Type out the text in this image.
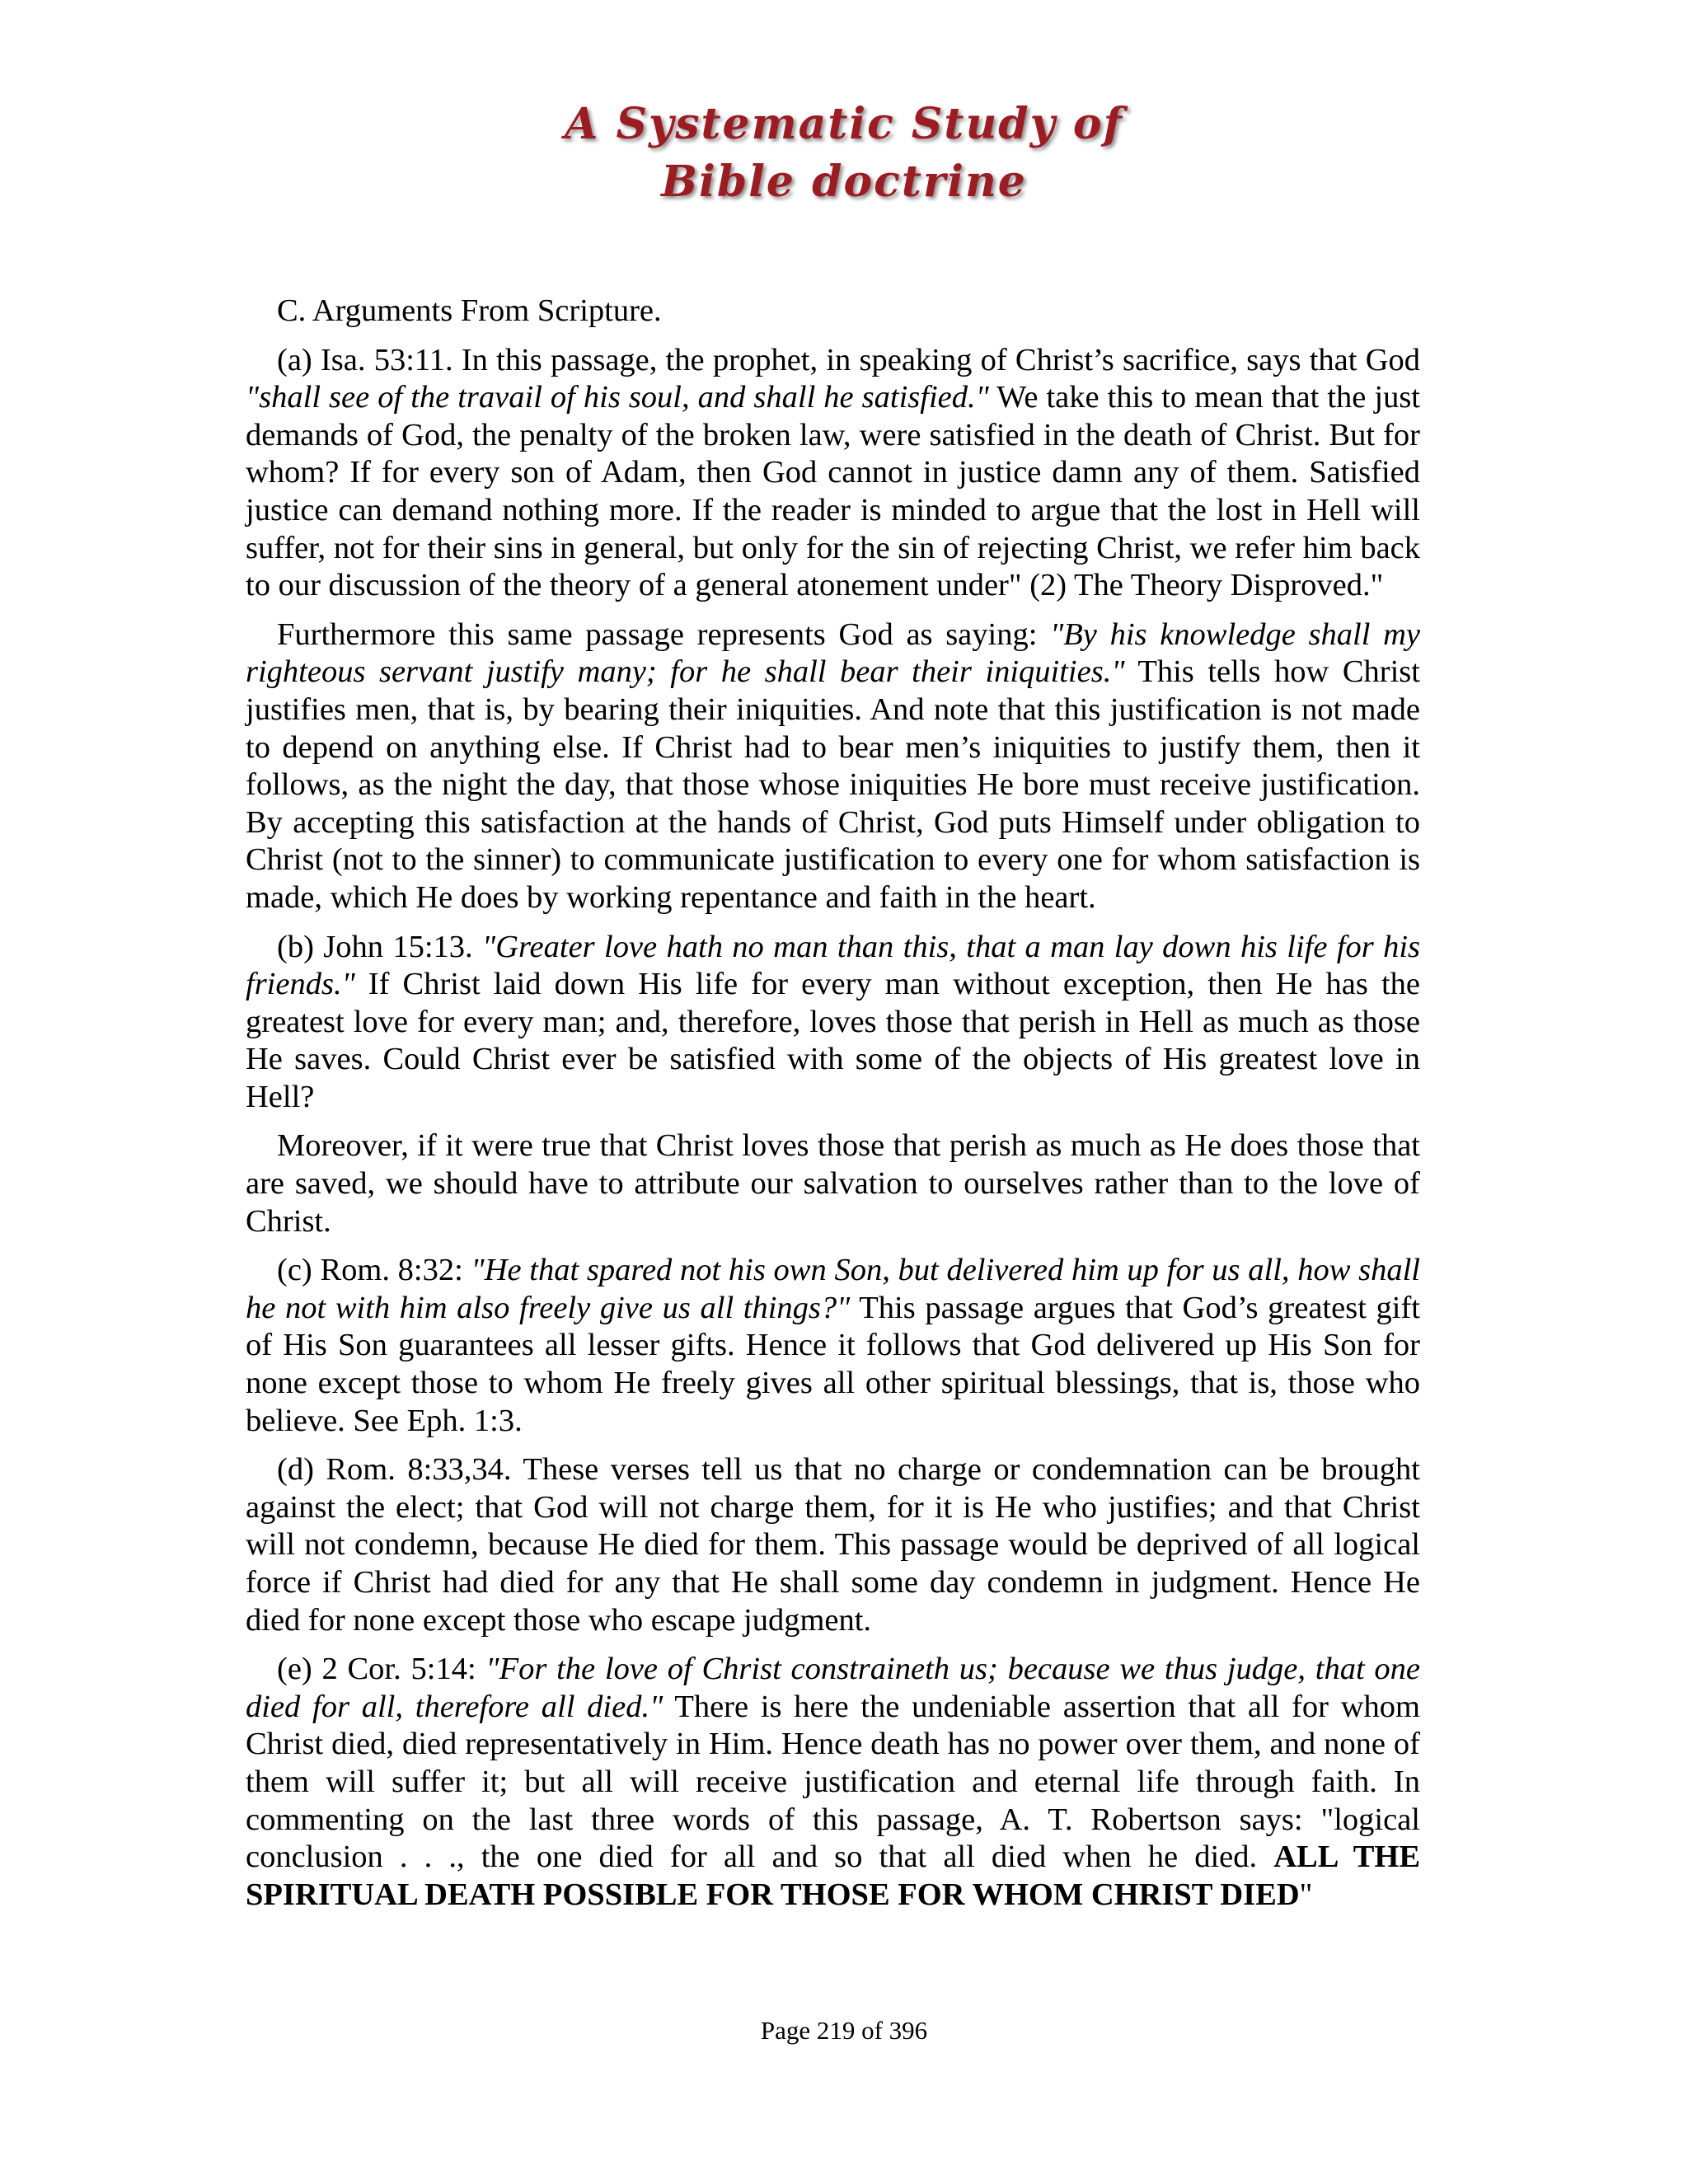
A Systematic Study of
Bible doctrine

C. Arguments From Scripture.

(a) Isa. 53:11. In this passage, the prophet, in speaking of Christ’s sacrifice, says that God "shall see of the travail of his soul, and shall he satisfied." We take this to mean that the just demands of God, the penalty of the broken law, were satisfied in the death of Christ. But for whom? If for every son of Adam, then God cannot in justice damn any of them. Satisfied justice can demand nothing more. If the reader is minded to argue that the lost in Hell will suffer, not for their sins in general, but only for the sin of rejecting Christ, we refer him back to our discussion of the theory of a general atonement under" (2) The Theory Disproved."

Furthermore this same passage represents God as saying: "By his knowledge shall my righteous servant justify many; for he shall bear their iniquities." This tells how Christ justifies men, that is, by bearing their iniquities. And note that this justification is not made to depend on anything else. If Christ had to bear men’s iniquities to justify them, then it follows, as the night the day, that those whose iniquities He bore must receive justification. By accepting this satisfaction at the hands of Christ, God puts Himself under obligation to Christ (not to the sinner) to communicate justification to every one for whom satisfaction is made, which He does by working repentance and faith in the heart.

(b) John 15:13. "Greater love hath no man than this, that a man lay down his life for his friends." If Christ laid down His life for every man without exception, then He has the greatest love for every man; and, therefore, loves those that perish in Hell as much as those He saves. Could Christ ever be satisfied with some of the objects of His greatest love in Hell?

Moreover, if it were true that Christ loves those that perish as much as He does those that are saved, we should have to attribute our salvation to ourselves rather than to the love of Christ.

(c) Rom. 8:32: "He that spared not his own Son, but delivered him up for us all, how shall he not with him also freely give us all things?" This passage argues that God’s greatest gift of His Son guarantees all lesser gifts. Hence it follows that God delivered up His Son for none except those to whom He freely gives all other spiritual blessings, that is, those who believe. See Eph. 1:3.

(d) Rom. 8:33,34. These verses tell us that no charge or condemnation can be brought against the elect; that God will not charge them, for it is He who justifies; and that Christ will not condemn, because He died for them. This passage would be deprived of all logical force if Christ had died for any that He shall some day condemn in judgment. Hence He died for none except those who escape judgment.

(e) 2 Cor. 5:14: "For the love of Christ constraineth us; because we thus judge, that one died for all, therefore all died." There is here the undeniable assertion that all for whom Christ died, died representatively in Him. Hence death has no power over them, and none of them will suffer it; but all will receive justification and eternal life through faith. In commenting on the last three words of this passage, A. T. Robertson says: "logical conclusion . . ., the one died for all and so that all died when he died. ALL THE SPIRITUAL DEATH POSSIBLE FOR THOSE FOR WHOM CHRIST DIED"

Page 219 of 396
